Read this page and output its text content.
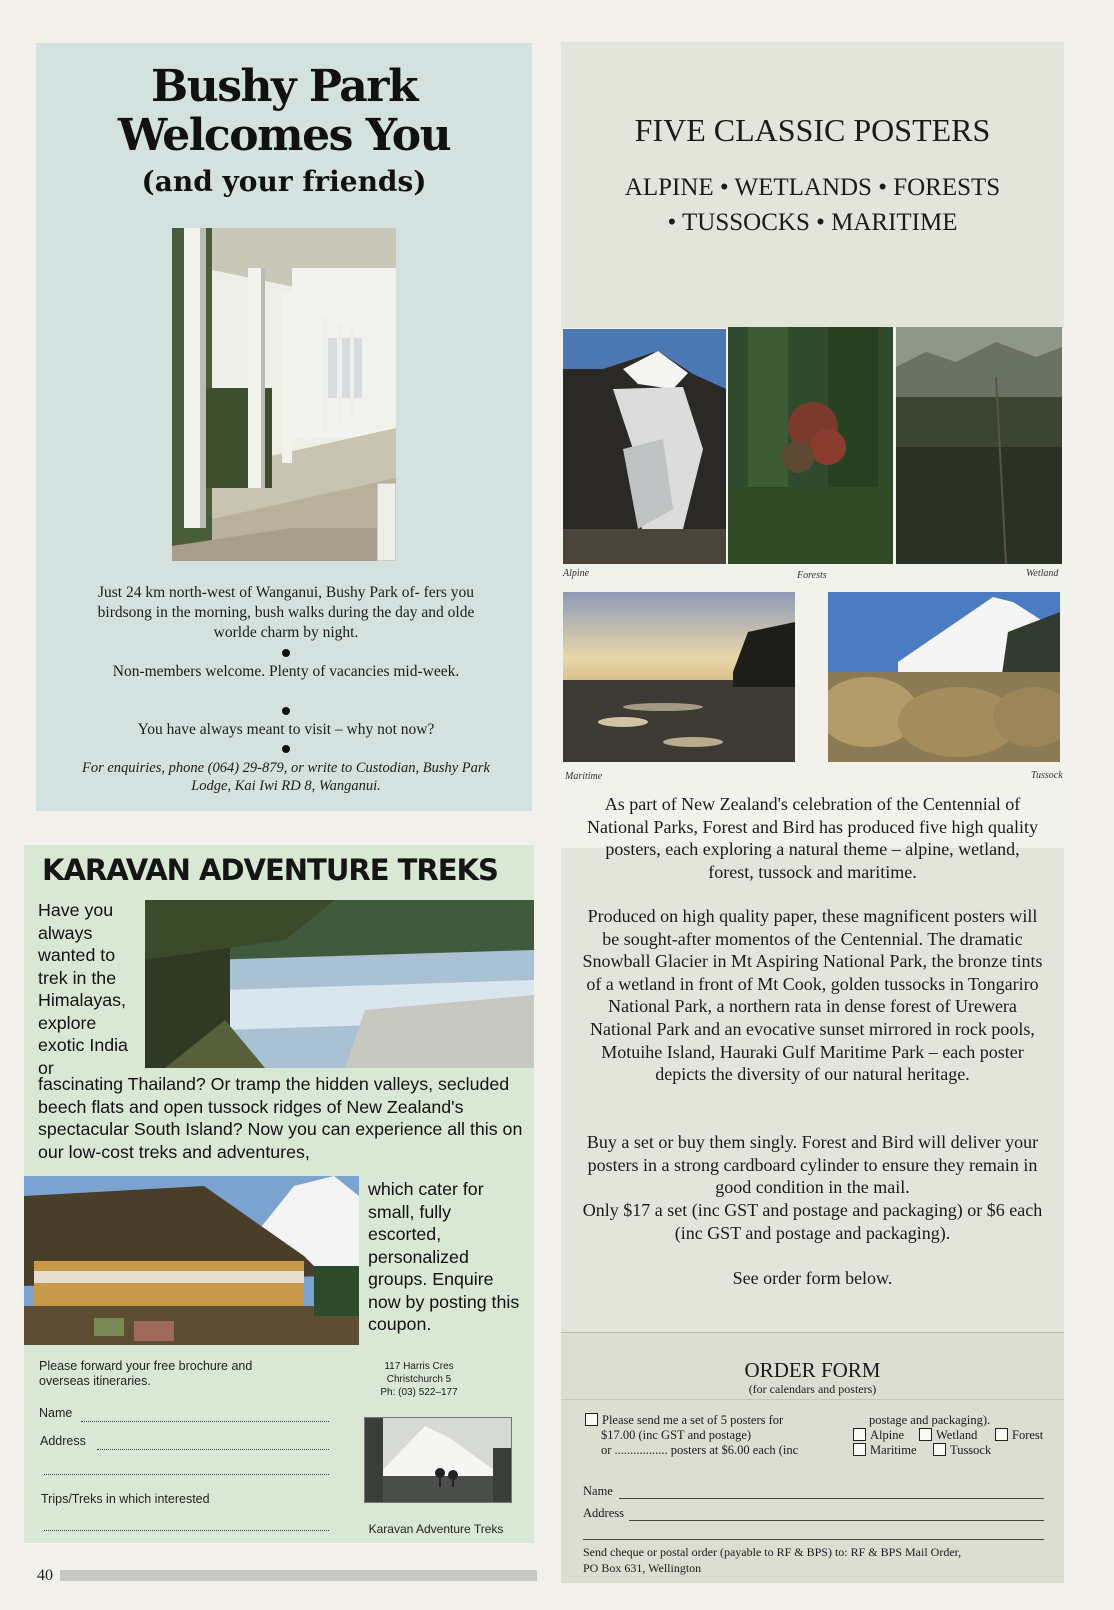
Bushy Park
Welcomes You
(and your friends)
Just 24 km north-west of Wanganui, Bushy Park of- fers you birdsong in the morning, bush walks during the day and olde worlde charm by night.
Non-members welcome. Plenty of vacancies mid-week.
You have always meant to visit – why not now?
For enquiries, phone (064) 29-879, or write to Custodian, Bushy Park Lodge, Kai Iwi RD 8, Wanganui.
KARAVAN ADVENTURE TREKS
Have you always wanted to trek in the Himalayas, explore exotic India or
fascinating Thailand? Or tramp the hidden valleys, secluded beech flats and open tussock ridges of New Zealand's spectacular South Island? Now you can experience all this on our low-cost treks and adventures,
which cater for small, fully escorted, personalized groups. Enquire now by posting this coupon.
Please forward your free brochure and overseas itineraries.
117 Harris Cres
Christchurch 5
Ph: (03) 522–177
Name
Address
Trips/Treks in which interested
Karavan Adventure Treks
FIVE CLASSIC POSTERS
ALPINE • WETLANDS • FORESTS
• TUSSOCKS • MARITIME
Alpine	Forests	Wetland
Maritime	Tussock
As part of New Zealand's celebration of the Centennial of National Parks, Forest and Bird has produced five high quality posters, each exploring a natural theme – alpine, wetland, forest, tussock and maritime.
Produced on high quality paper, these magnificent posters will be sought-after momentos of the Centennial. The dramatic Snowball Glacier in Mt Aspiring National Park, the bronze tints of a wetland in front of Mt Cook, golden tussocks in Tongariro National Park, a northern rata in dense forest of Urewera National Park and an evocative sunset mirrored in rock pools, Motuihe Island, Hauraki Gulf Maritime Park – each poster depicts the diversity of our natural heritage.
Buy a set or buy them singly. Forest and Bird will deliver your posters in a strong cardboard cylinder to ensure they remain in good condition in the mail.
Only $17 a set (inc GST and postage and packaging) or $6 each (inc GST and postage and packaging).
See order form below.
ORDER FORM
(for calendars and posters)
Please send me a set of 5 posters for
$17.00 (inc GST and postage)
or ................. posters at $6.00 each (inc
postage and packaging).
Alpine	Wetland	Forest
Maritime	Tussock
Name
Address
Send cheque or postal order (payable to RF & BPS) to: RF & BPS Mail Order,
PO Box 631, Wellington
40
